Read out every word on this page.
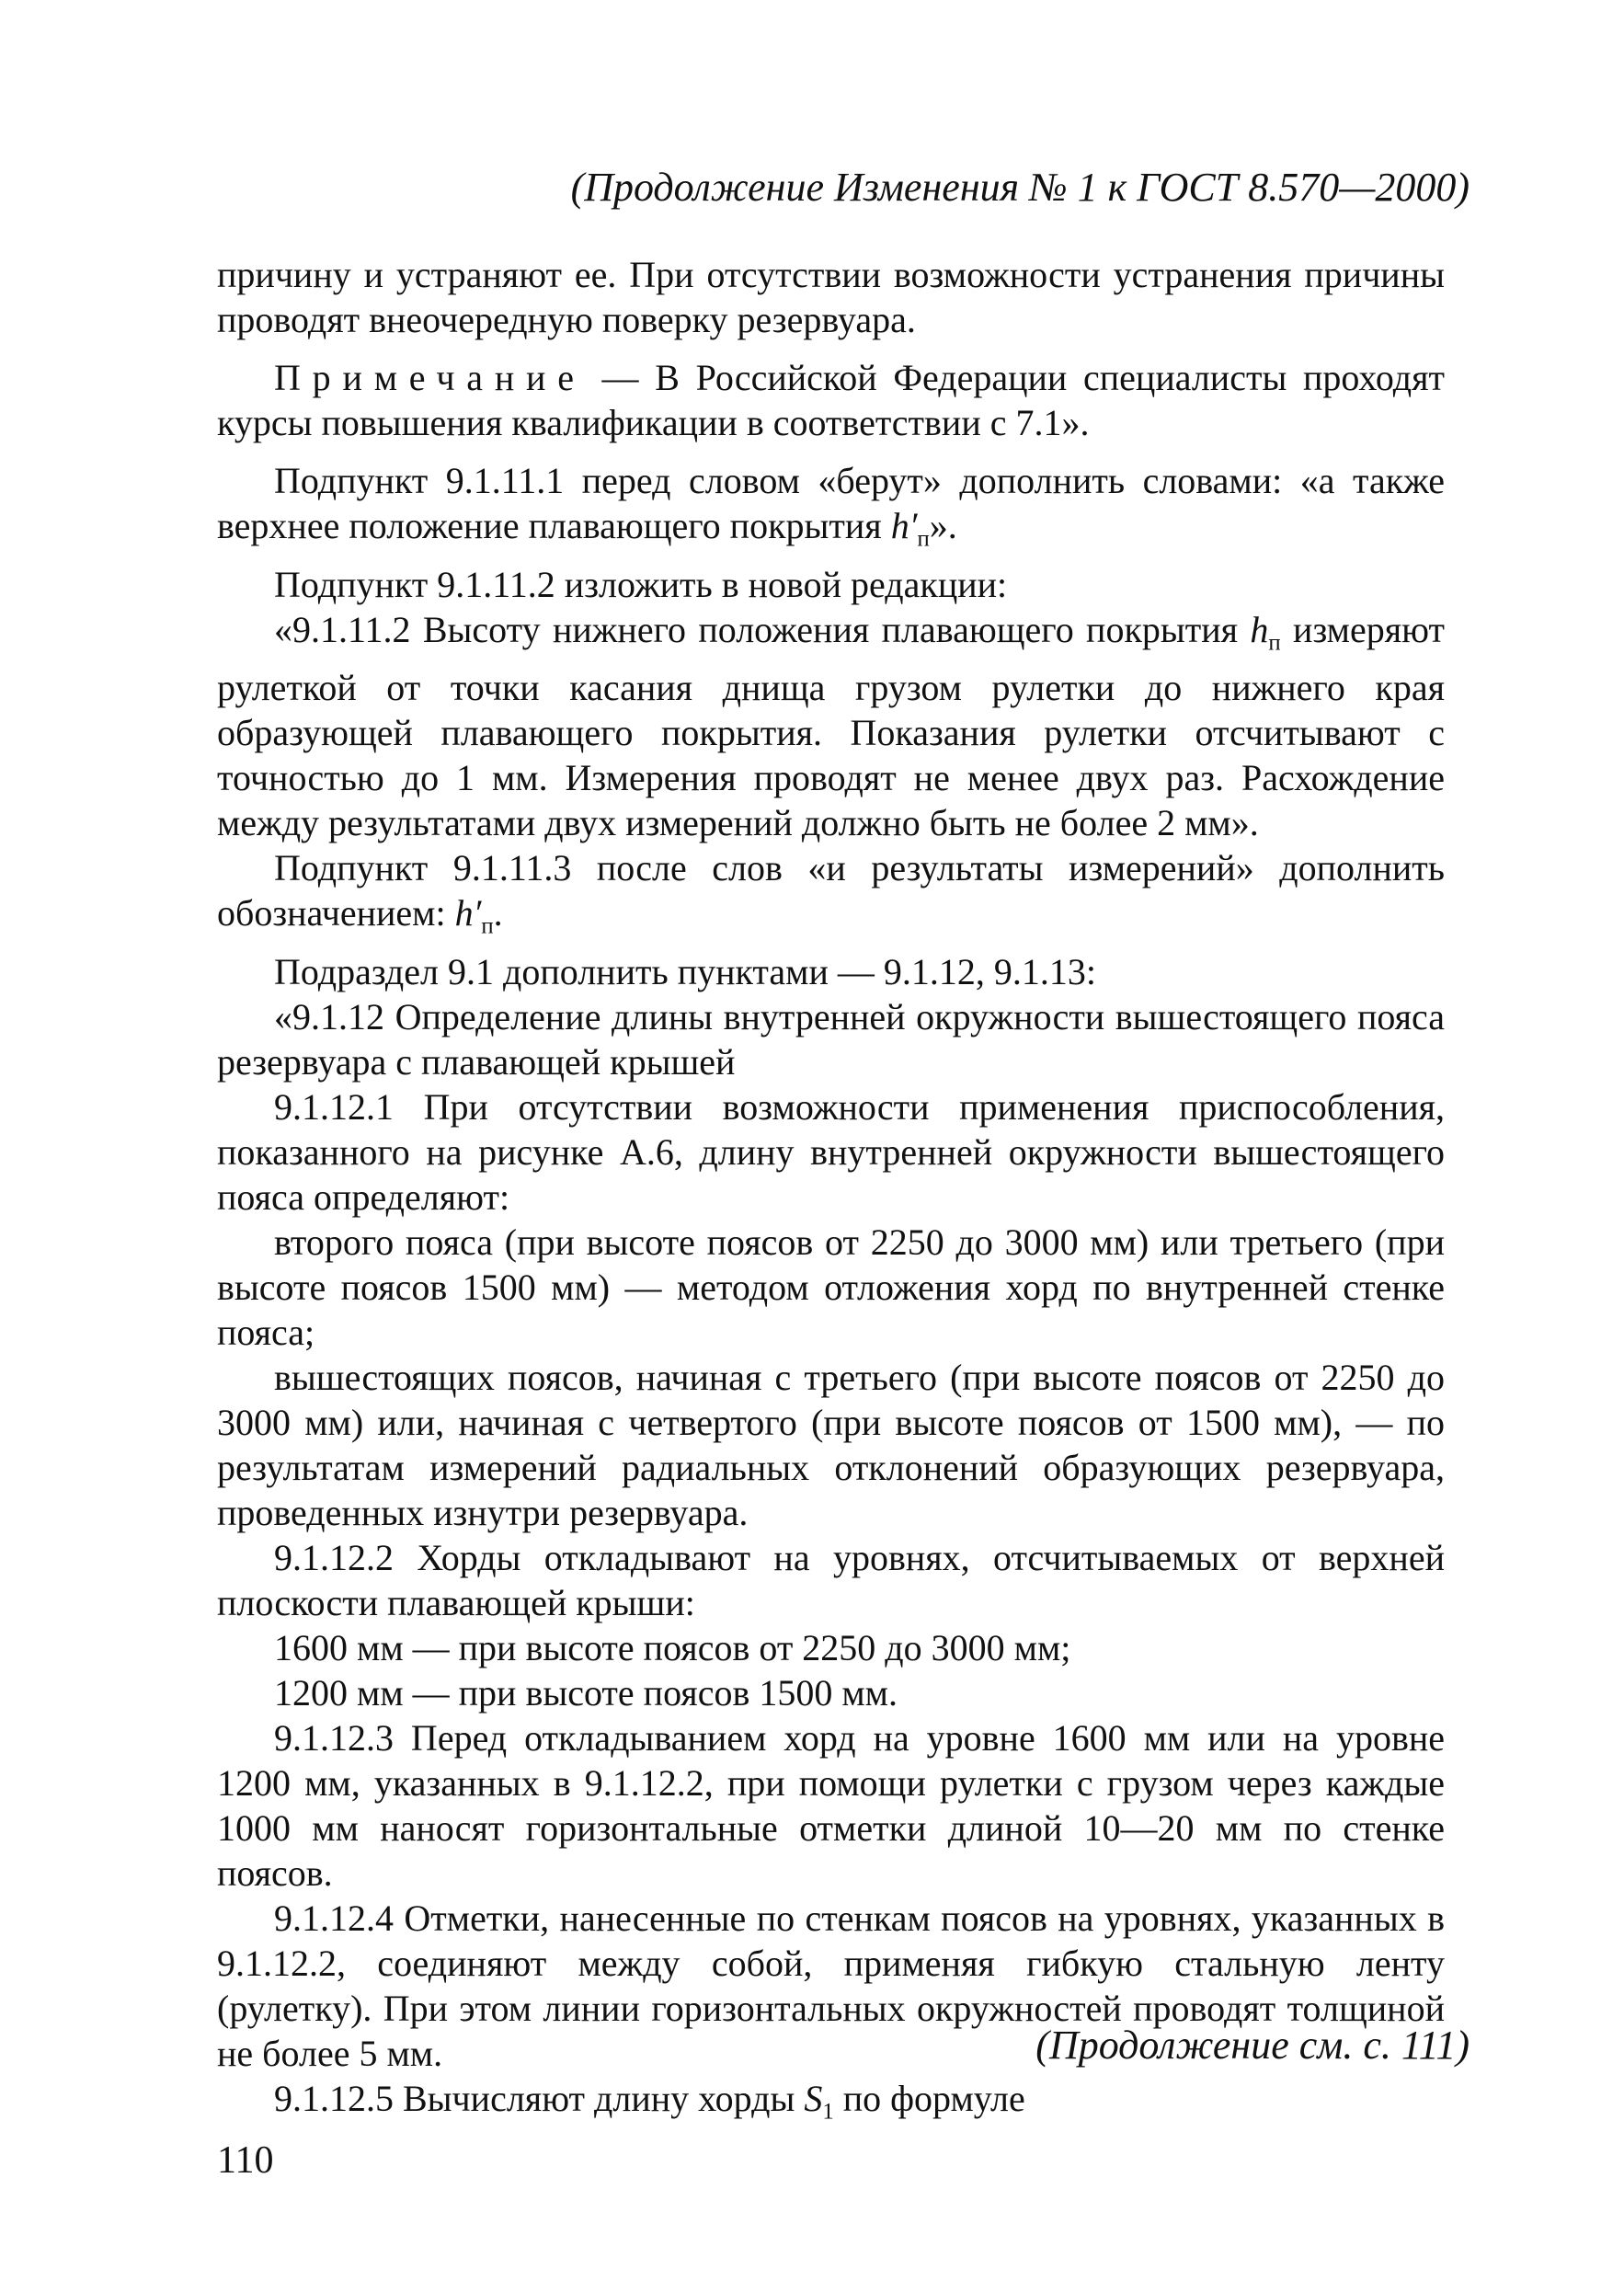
(Продолжение Изменения № 1 к ГОСТ 8.570—2000)

причину и устраняют ее. При отсутствии возможности устранения причины проводят внеочередную поверку резервуара.

Примечание — В Российской Федерации специалисты проходят курсы повышения квалификации в соответствии с 7.1».

Подпункт 9.1.11.1 перед словом «берут» дополнить словами: «а также верхнее положение плавающего покрытия $h'_п$».

Подпункт 9.1.11.2 изложить в новой редакции:

«9.1.11.2 Высоту нижнего положения плавающего покрытия $h_п$ измеряют рулеткой от точки касания днища грузом рулетки до нижнего края образующей плавающего покрытия. Показания рулетки отсчитывают с точностью до 1 мм. Измерения проводят не менее двух раз. Расхождение между результатами двух измерений должно быть не более 2 мм».

Подпункт 9.1.11.3 после слов «и результаты измерений» дополнить обозначением: $h'_п$.

Подраздел 9.1 дополнить пунктами — 9.1.12, 9.1.13:

«9.1.12 Определение длины внутренней окружности вышестоящего пояса резервуара с плавающей крышей

9.1.12.1 При отсутствии возможности применения приспособления, показанного на рисунке А.6, длину внутренней окружности вышестоящего пояса определяют:

второго пояса (при высоте поясов от 2250 до 3000 мм) или третьего (при высоте поясов 1500 мм) — методом отложения хорд по внутренней стенке пояса;

вышестоящих поясов, начиная с третьего (при высоте поясов от 2250 до 3000 мм) или, начиная с четвертого (при высоте поясов от 1500 мм), — по результатам измерений радиальных отклонений образующих резервуара, проведенных изнутри резервуара.

9.1.12.2 Хорды откладывают на уровнях, отсчитываемых от верхней плоскости плавающей крыши:

1600 мм — при высоте поясов от 2250 до 3000 мм;

1200 мм — при высоте поясов 1500 мм.

9.1.12.3 Перед откладыванием хорд на уровне 1600 мм или на уровне 1200 мм, указанных в 9.1.12.2, при помощи рулетки с грузом через каждые 1000 мм наносят горизонтальные отметки длиной 10—20 мм по стенке поясов.

9.1.12.4 Отметки, нанесенные по стенкам поясов на уровнях, указанных в 9.1.12.2, соединяют между собой, применяя гибкую стальную ленту (рулетку). При этом линии горизонтальных окружностей проводят толщиной не более 5 мм.

9.1.12.5 Вычисляют длину хорды $S_1$ по формуле

(Продолжение см. с. 111)
110
